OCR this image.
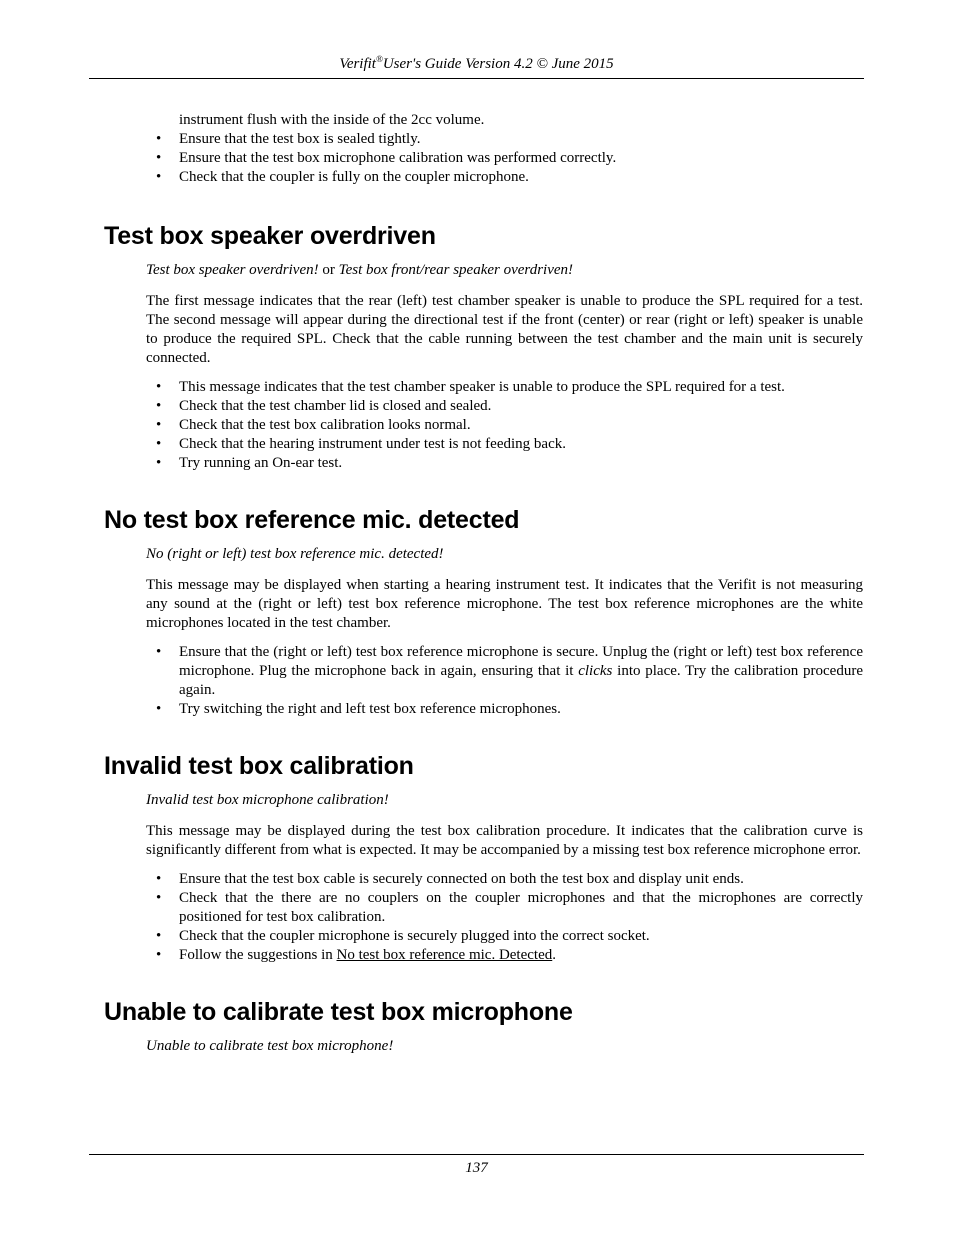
Verifit®User's Guide Version 4.2 © June 2015

instrument flush with the inside of the 2cc volume.

• Ensure that the test box is sealed tightly.
• Ensure that the test box microphone calibration was performed correctly.
• Check that the coupler is fully on the coupler microphone.
Test box speaker overdriven

Test box speaker overdriven! or Test box front/rear speaker overdriven!

The first message indicates that the rear (left) test chamber speaker is unable to produce the SPL required for a test. The second message will appear during the directional test if the front (center) or rear (right or left) speaker is unable to produce the required SPL. Check that the cable running between the test chamber and the main unit is securely connected.

• This message indicates that the test chamber speaker is unable to produce the SPL required for a test.
• Check that the test chamber lid is closed and sealed.
• Check that the test box calibration looks normal.
• Check that the hearing instrument under test is not feeding back.
• Try running an On-ear test.
No test box reference mic. detected

No (right or left) test box reference mic. detected!

This message may be displayed when starting a hearing instrument test. It indicates that the Verifit is not measuring any sound at the (right or left) test box reference microphone. The test box reference microphones are the white microphones located in the test chamber.

• Ensure that the (right or left) test box reference microphone is secure. Unplug the (right or left) test box reference microphone. Plug the microphone back in again, ensuring that it clicks into place. Try the calibration procedure again.
• Try switching the right and left test box reference microphones.
Invalid test box calibration

Invalid test box microphone calibration!

This message may be displayed during the test box calibration procedure. It indicates that the calibration curve is significantly different from what is expected. It may be accompanied by a missing test box reference microphone error.

• Ensure that the test box cable is securely connected on both the test box and display unit ends.
• Check that the there are no couplers on the coupler microphones and that the microphones are correctly positioned for test box calibration.
• Check that the coupler microphone is securely plugged into the correct socket.
• Follow the suggestions in No test box reference mic. Detected.
Unable to calibrate test box microphone

Unable to calibrate test box microphone!

137
